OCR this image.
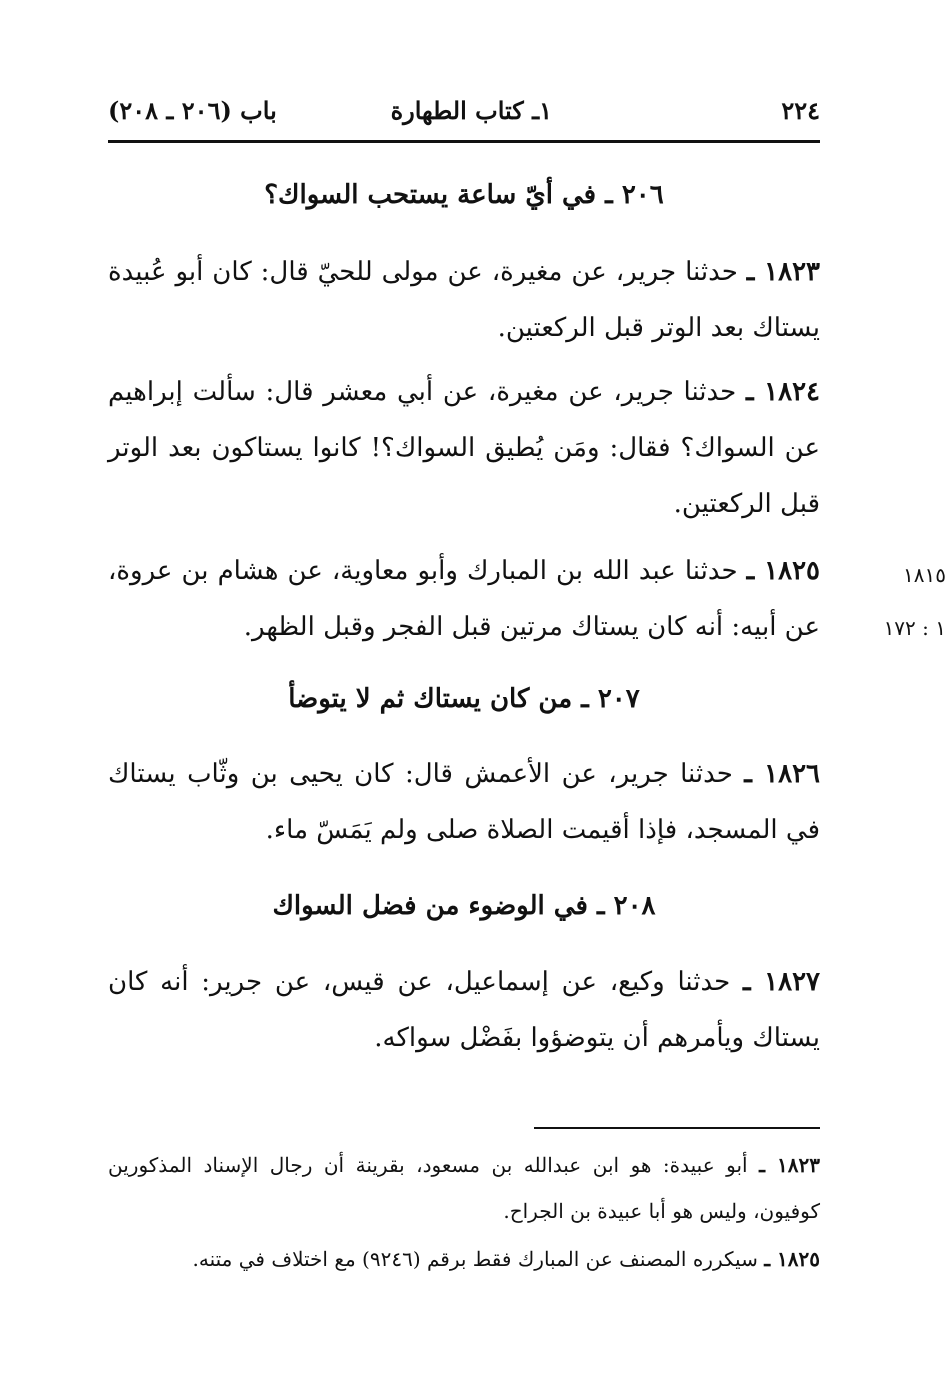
٢٢٤
١ـ كتاب الطهارة
باب (٢٠٦ ـ ٢٠٨)
٢٠٦ ـ في أيّ ساعة يستحب السواك؟
١٨٢٣ ـ حدثنا جرير، عن مغيرة، عن مولى للحيّ قال: كان أبو عُبيدة يستاك بعد الوتر قبل الركعتين.
١٨٢٤ ـ حدثنا جرير، عن مغيرة، عن أبي معشر قال: سألت إبراهيم عن السواك؟ فقال: ومَن يُطيق السواك؟! كانوا يستاكون بعد الوتر قبل الركعتين.
١٨٢٥ ـ حدثنا عبد الله بن المبارك وأبو معاوية، عن هشام بن عروة، عن أبيه: أنه كان يستاك مرتين قبل الفجر وقبل الظهر.
١٨١٥
١ : ١٧٢
٢٠٧ ـ من كان يستاك ثم لا يتوضأ
١٨٢٦ ـ حدثنا جرير، عن الأعمش قال: كان يحيى بن وثّاب يستاك في المسجد، فإذا أقيمت الصلاة صلى ولم يَمَسّ ماء.
٢٠٨ ـ في الوضوء من فضل السواك
١٨٢٧ ـ حدثنا وكيع، عن إسماعيل، عن قيس، عن جرير: أنه كان يستاك ويأمرهم أن يتوضؤوا بفَضْل سواكه.
١٨٢٣ ـ أبو عبيدة: هو ابن عبدالله بن مسعود، بقرينة أن رجال الإسناد المذكورين كوفيون، وليس هو أبا عبيدة بن الجراح.
١٨٢٥ ـ سيكرره المصنف عن المبارك فقط برقم (٩٢٤٦) مع اختلاف في متنه.
